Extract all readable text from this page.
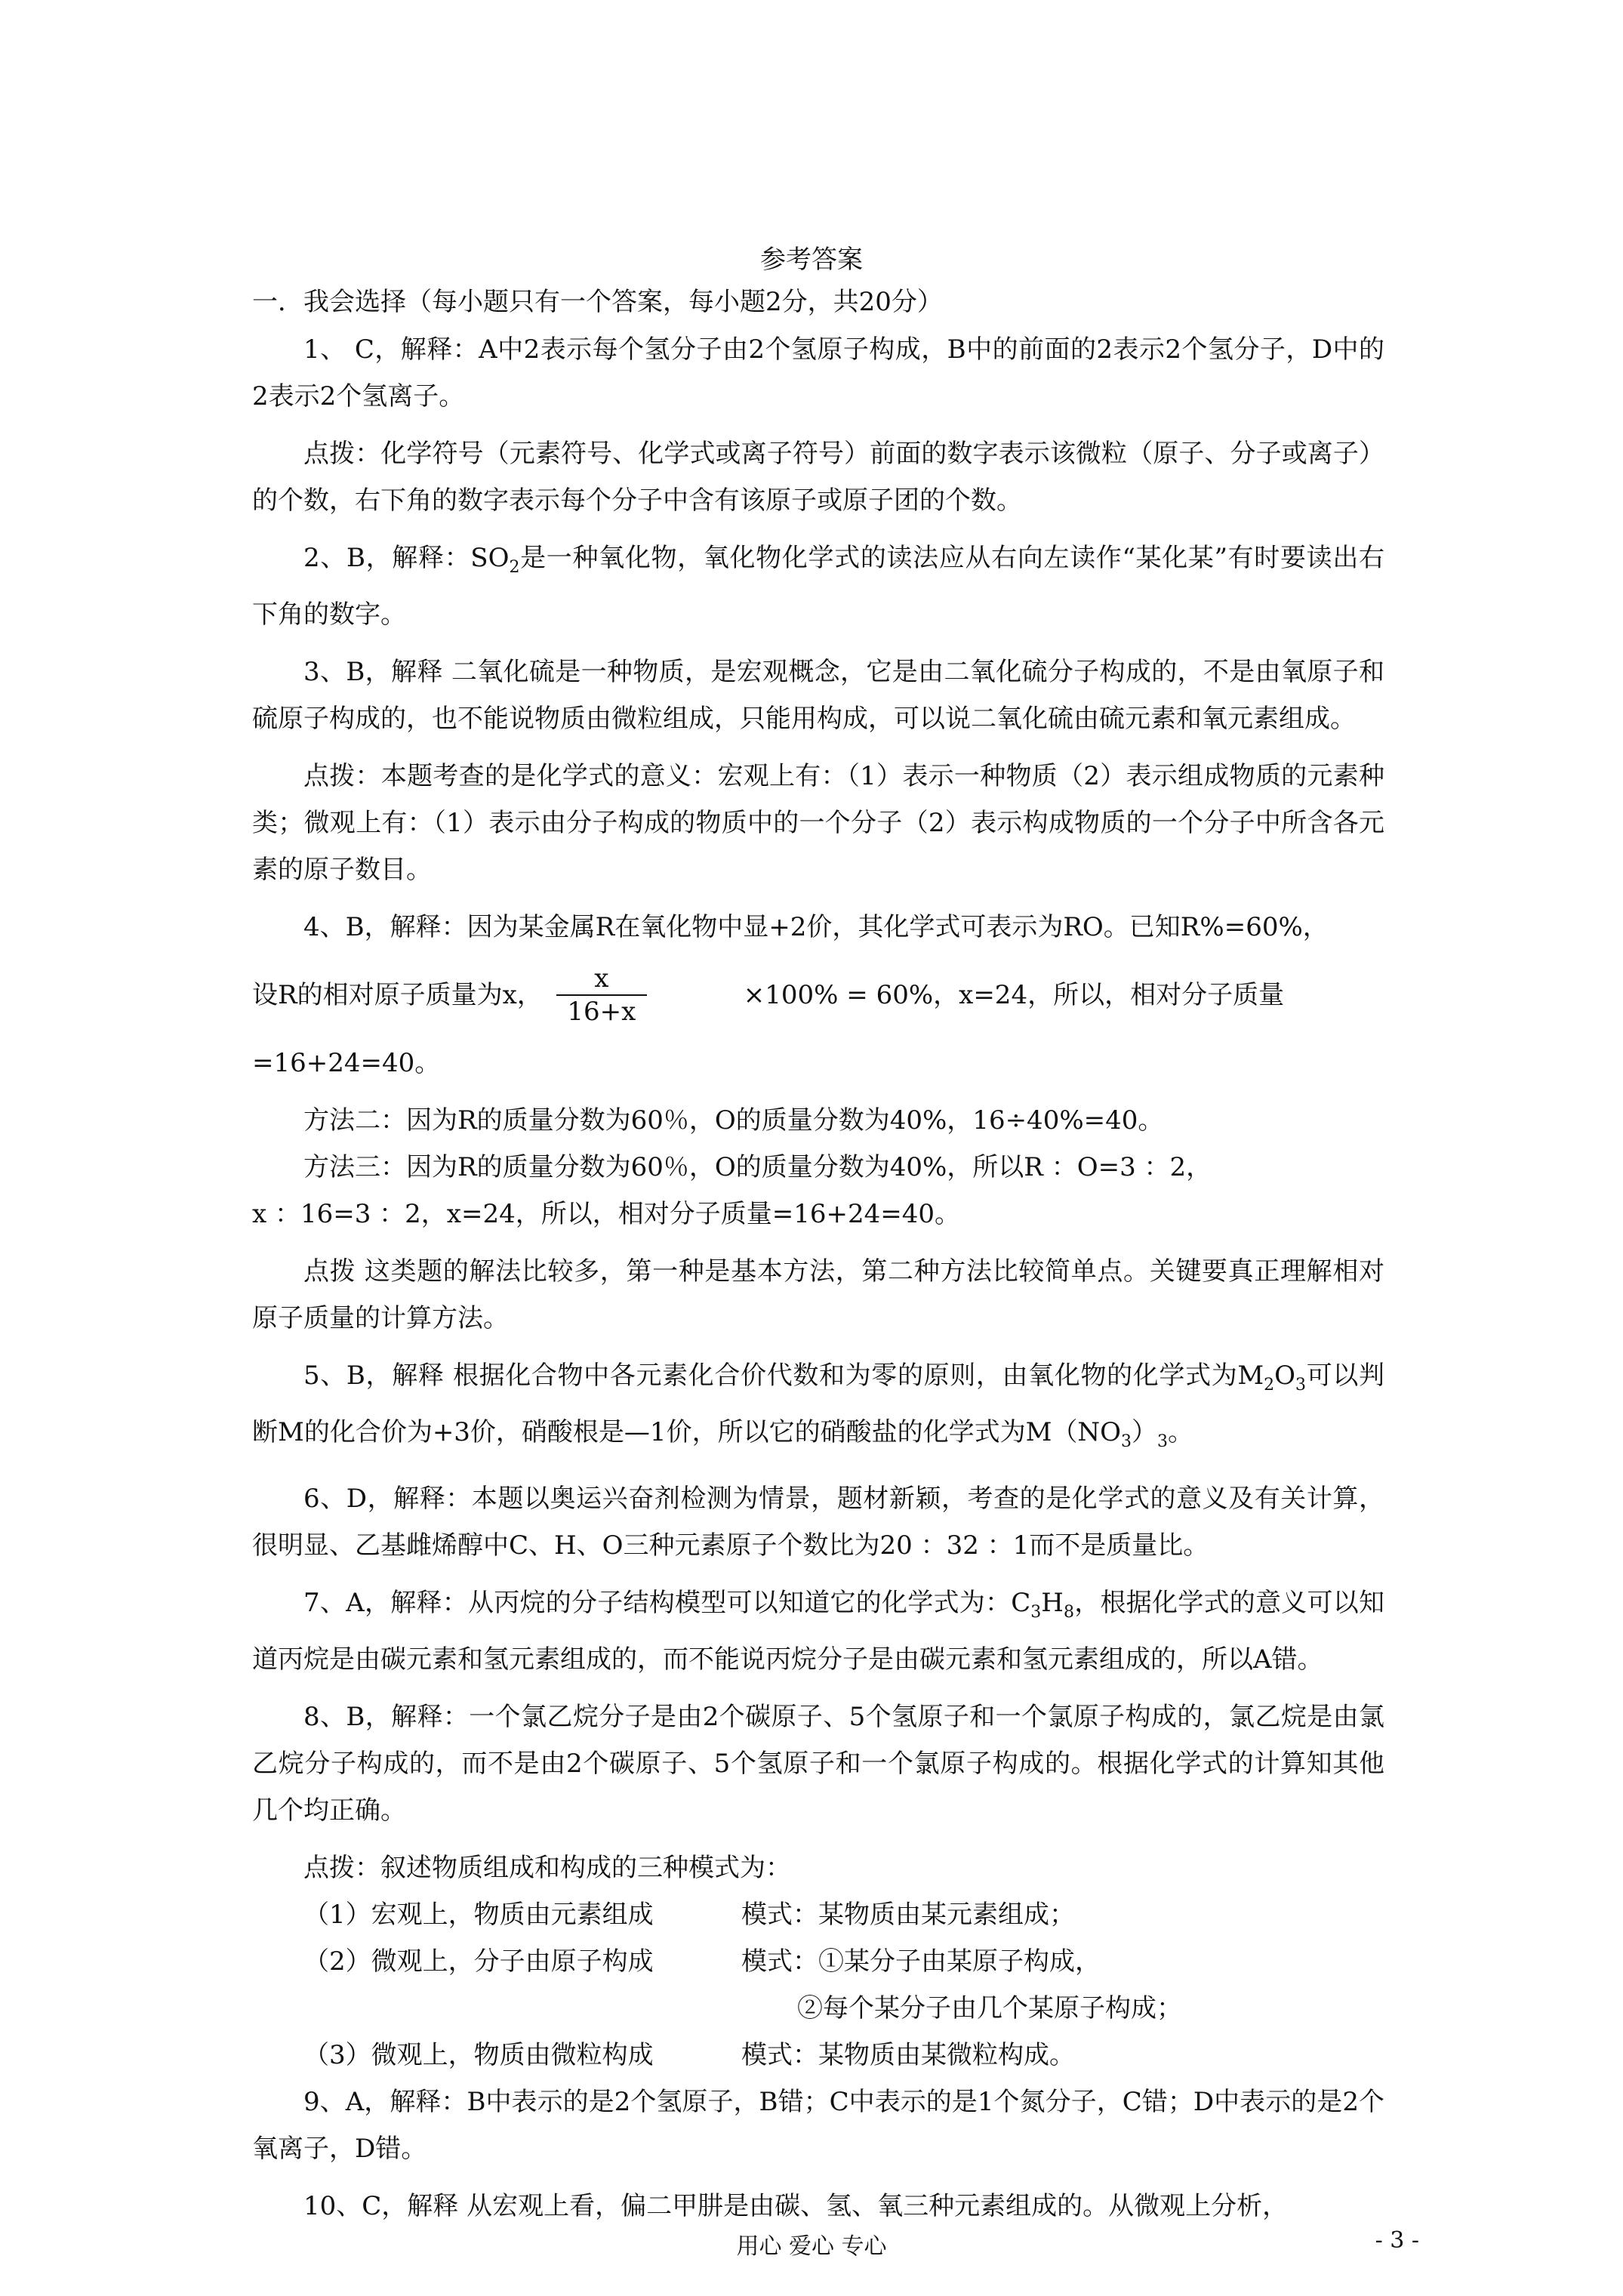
参考答案
一．我会选择（每小题只有一个答案，每小题2分，共20分）

1、 C，解释：A中2表示每个氢分子由2个氢原子构成，B中的前面的2表示2个氢分子，D中的2表示2个氢离子。

点拨：化学符号（元素符号、化学式或离子符号）前面的数字表示该微粒（原子、分子或离子）的个数，右下角的数字表示每个分子中含有该原子或原子团的个数。

2、B，解释：$SO_2$是一种氧化物，氧化物化学式的读法应从右向左读作“某化某”有时要读出右下角的数字。

3、B，解释 二氧化硫是一种物质，是宏观概念，它是由二氧化硫分子构成的，不是由氧原子和硫原子构成的，也不能说物质由微粒组成，只能用构成，可以说二氧化硫由硫元素和氧元素组成。

点拨：本题考查的是化学式的意义：宏观上有：（1）表示一种物质（2）表示组成物质的元素种类；微观上有：（1）表示由分子构成的物质中的一个分子（2）表示构成物质的一个分子中所含各元素的原子数目。

4、B，解释：因为某金属R在氧化物中显+2价，其化学式可表示为RO。已知R%=60%，

设R的相对原子质量为x， $\frac{x}{16+x}$	×100% = 60%，x=24，所以，相对分子质量

=16+24=40。

方法二：因为R的质量分数为60％，O的质量分数为40%，16÷40%=40。

方法三：因为R的质量分数为60％，O的质量分数为40%，所以R ：O=3 ：2，

x ：16=3 ：2，x=24，所以，相对分子质量=16+24=40。

点拨 这类题的解法比较多，第一种是基本方法，第二种方法比较简单点。关键要真正理解相对原子质量的计算方法。

5、B，解释 根据化合物中各元素化合价代数和为零的原则，由氧化物的化学式为$M_2O_3$可以判断M的化合价为+3价，硝酸根是—1价，所以它的硝酸盐的化学式为$M(NO_3)_3$。

6、D，解释：本题以奥运兴奋剂检测为情景，题材新颖，考查的是化学式的意义及有关计算，很明显、乙基雌烯醇中C、H、O三种元素原子个数比为20 ：32 ：1而不是质量比。

7、A，解释：从丙烷的分子结构模型可以知道它的化学式为：$C_3H_8$，根据化学式的意义可以知道丙烷是由碳元素和氢元素组成的，而不能说丙烷分子是由碳元素和氢元素组成的，所以A错。

8、B，解释：一个氯乙烷分子是由2个碳原子、5个氢原子和一个氯原子构成的，氯乙烷是由氯乙烷分子构成的，而不是由2个碳原子、5个氢原子和一个氯原子构成的。根据化学式的计算知其他几个均正确。

点拨：叙述物质组成和构成的三种模式为：

（1）宏观上，物质由元素组成	模式：某物质由某元素组成；
（2）微观上，分子由原子构成	模式：①某分子由某原子构成，

②每个某分子由几个某原子构成；

（3）微观上，物质由微粒构成	模式：某物质由某微粒构成。

9、A，解释：B中表示的是2个氢原子，B错；C中表示的是1个氮分子，C错；D中表示的是2个氧离子，D错。

10、C，解释 从宏观上看，偏二甲肼是由碳、氢、氧三种元素组成的。从微观上分析，

用心 爱心 专心	- 3 -
